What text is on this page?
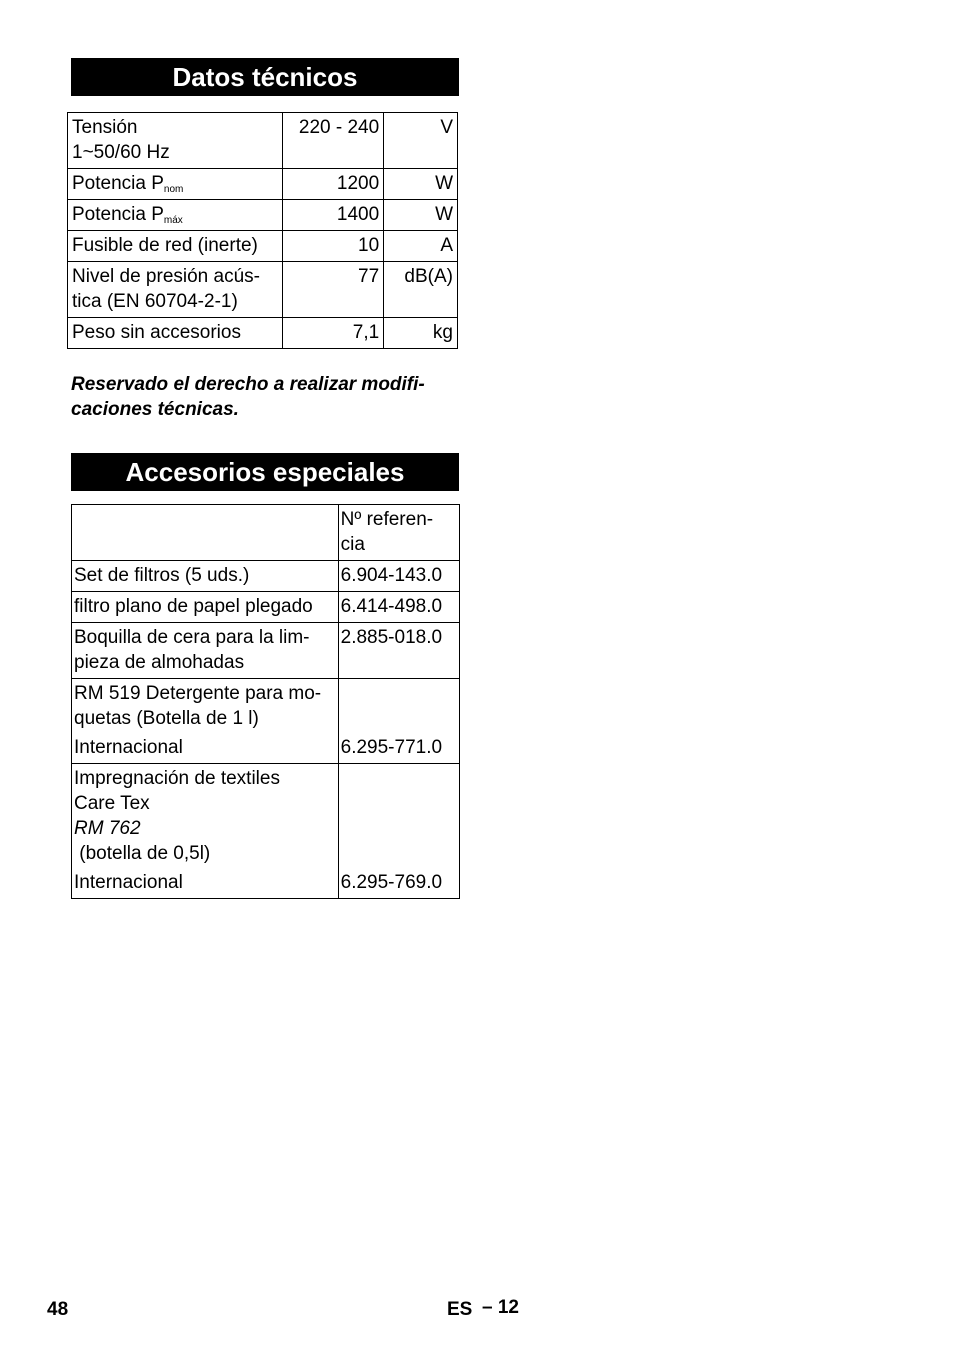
Datos técnicos
Tensión
1~50/60 Hz	220 - 240	V
Potencia $P_{nom}$	1200	W
Potencia $P_{máx}$	1400	W
Fusible de red (inerte)	10	A

Nivel de presión acús-
tica (EN 60704-2-1)	77	dB(A)
Peso sin accesorios	7,1	kg
Reservado el derecho a realizar modifi-
caciones técnicas.
Accesorios especiales

	Nº referen-
cia

Set de filtros (5 uds.)	6.904-143.0
filtro plano de papel plegado	6.414-498.0

Boquilla de cera para la lim-
pieza de almohadas	2.885-018.0

RM 519 Detergente para mo-
quetas (Botella de 1 l)
Internacional	6.295-771.0

Impregnación de textiles
Care Tex
RM 762
(botella de 0,5l)
Internacional	6.295-769.0
48	ES – 12
